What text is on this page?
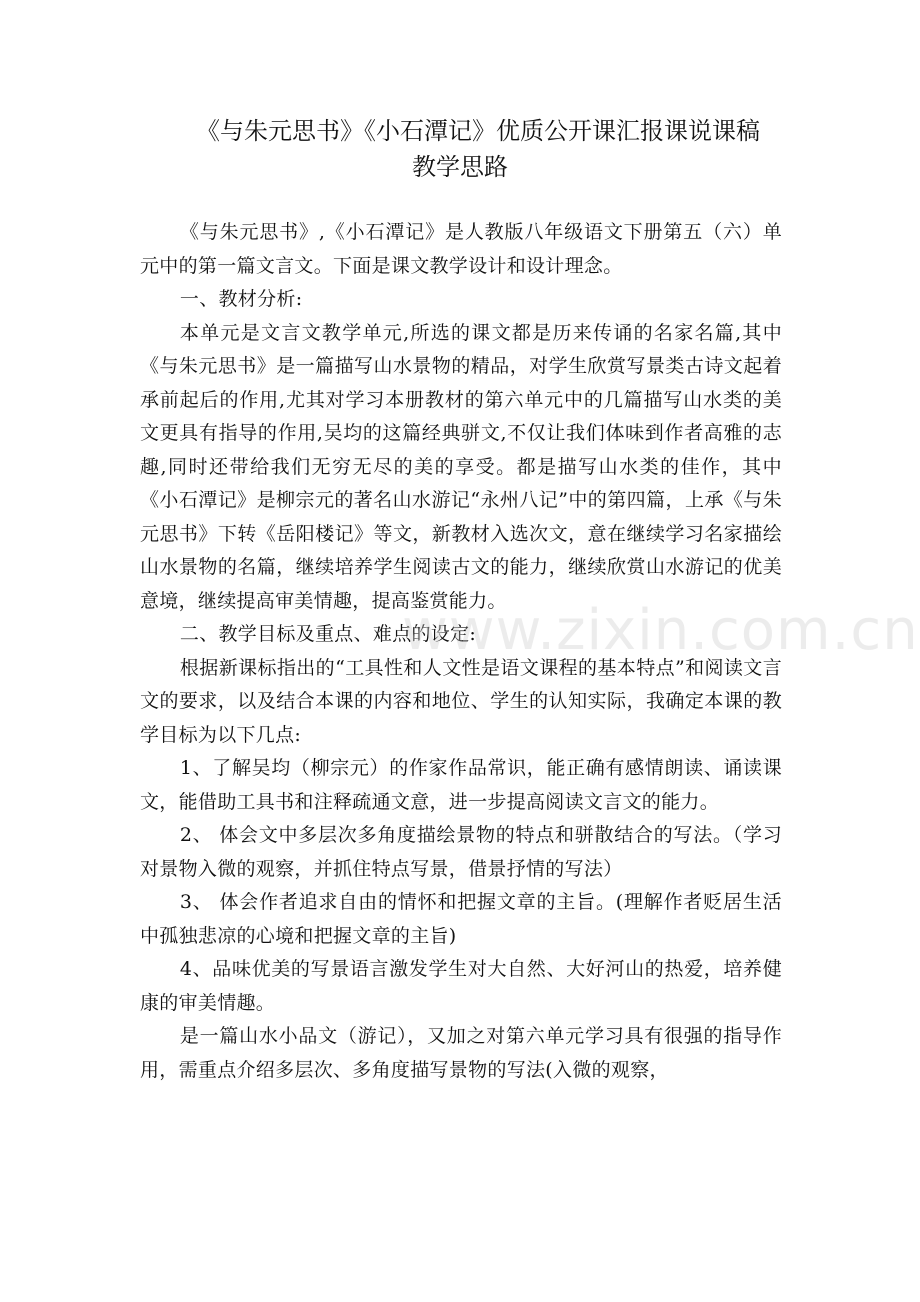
《与朱元思书》《小石潭记》优质公开课汇报课说课稿
教学思路

《与朱元思书》,《小石潭记》是人教版八年级语文下册第五（六）单元中的第一篇文言文。下面是课文教学设计和设计理念。

一、教材分析:

本单元是文言文教学单元,所选的课文都是历来传诵的名家名篇,其中《与朱元思书》是一篇描写山水景物的精品，对学生欣赏写景类古诗文起着承前起后的作用,尤其对学习本册教材的第六单元中的几篇描写山水类的美文更具有指导的作用,吴均的这篇经典骈文,不仅让我们体味到作者高雅的志趣,同时还带给我们无穷无尽的美的享受。都是描写山水类的佳作，其中《小石潭记》是柳宗元的著名山水游记“永州八记”中的第四篇，上承《与朱元思书》下转《岳阳楼记》等文，新教材入选次文，意在继续学习名家描绘山水景物的名篇，继续培养学生阅读古文的能力，继续欣赏山水游记的优美意境，继续提高审美情趣，提高鉴赏能力。

二、教学目标及重点、难点的设定:

根据新课标指出的“工具性和人文性是语文课程的基本特点”和阅读文言文的要求，以及结合本课的内容和地位、学生的认知实际，我确定本课的教学目标为以下几点:

1、了解吴均（柳宗元）的作家作品常识，能正确有感情朗读、诵读课文，能借助工具书和注释疏通文意，进一步提高阅读文言文的能力。

2、 体会文中多层次多角度描绘景物的特点和骈散结合的写法。（学习对景物入微的观察，并抓住特点写景，借景抒情的写法）

3、 体会作者追求自由的情怀和把握文章的主旨。(理解作者贬居生活中孤独悲凉的心境和把握文章的主旨)

4、品味优美的写景语言激发学生对大自然、大好河山的热爱，培养健康的审美情趣。

是一篇山水小品文（游记），又加之对第六单元学习具有很强的指导作用，需重点介绍多层次、多角度描写景物的写法(入微的观察，

www.zixin.com.cn
